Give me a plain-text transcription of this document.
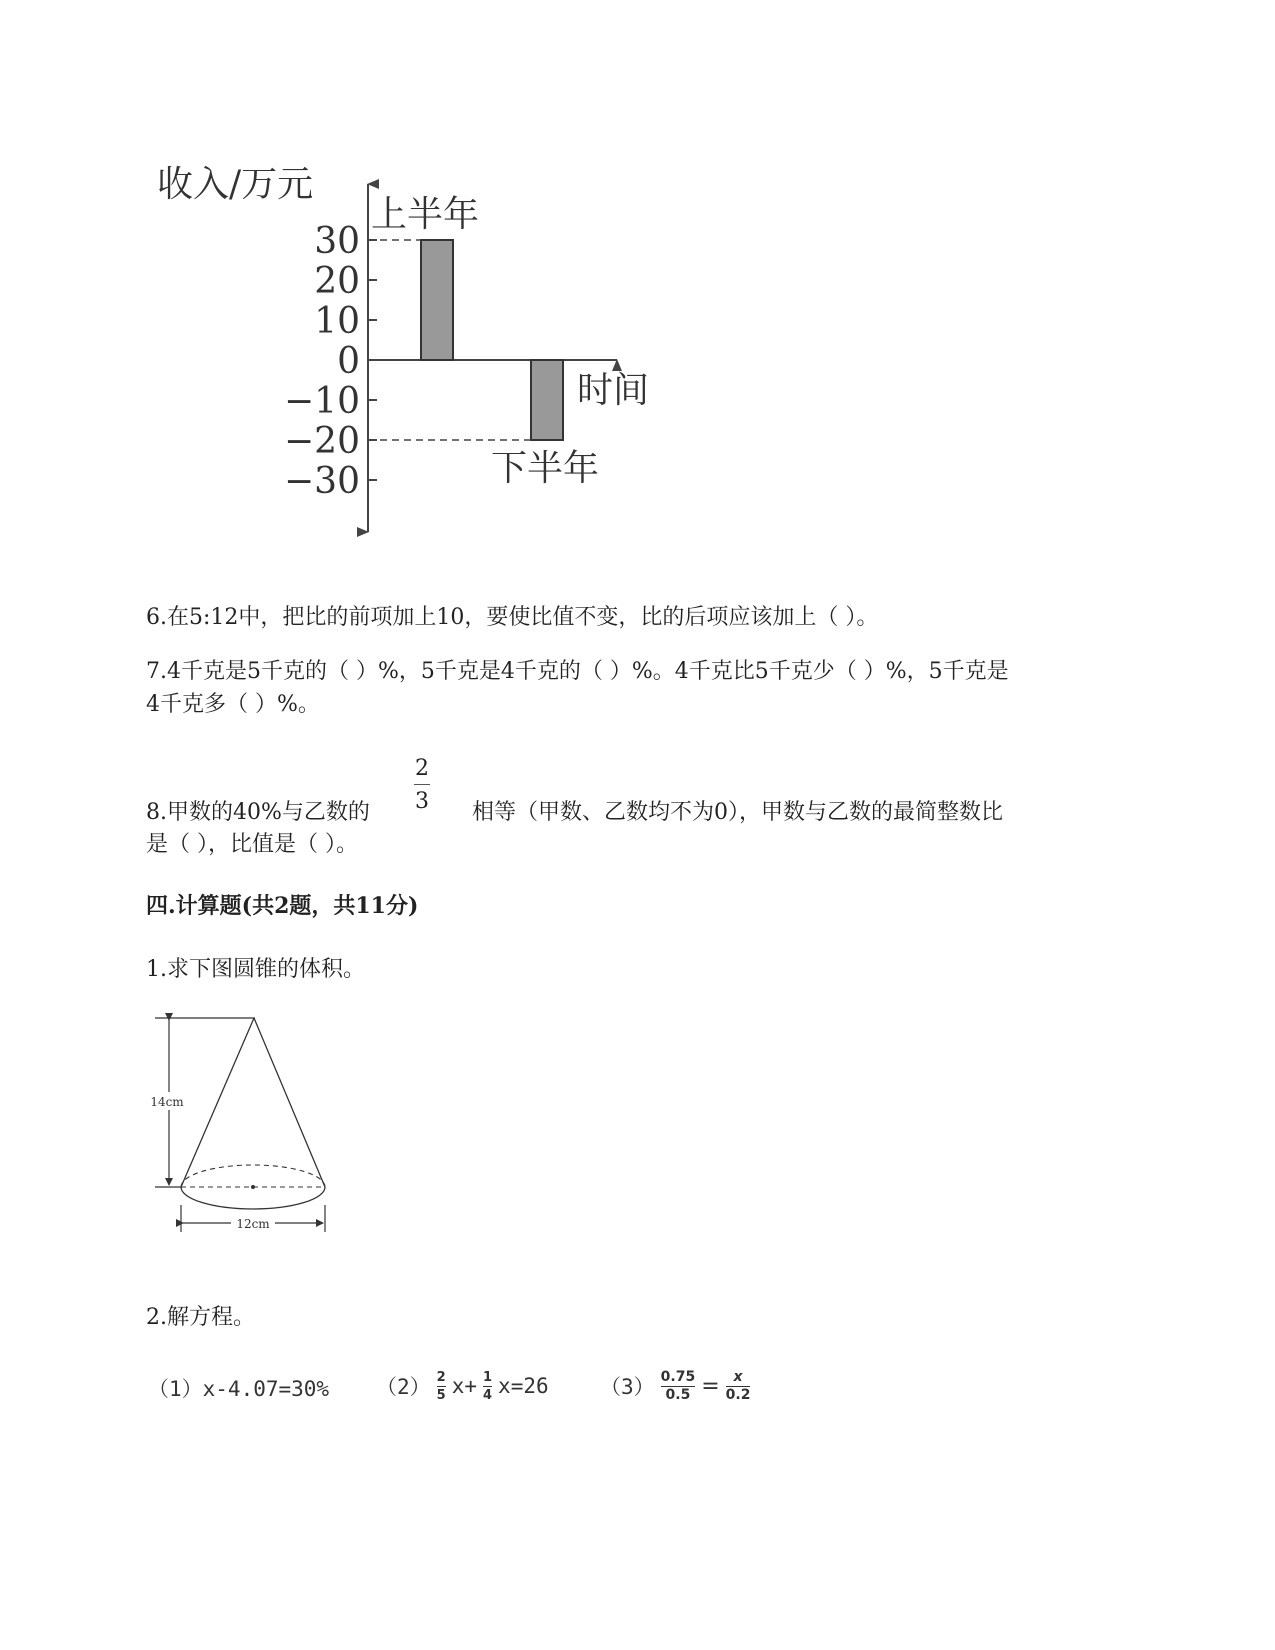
30
20
10
0
−10
−20
−30
收入/万元
时间
上半年
下半年
6.在5:12中，把比的前项加上10，要使比值不变，比的后项应该加上（ ）。
7.4千克是5千克的（ ）%，5千克是4千克的（ ）%。4千克比5千克少（ ）%，5千克是
4千克多（ ）%。
2
3
8.甲数的40%与乙数的	相等（甲数、乙数均不为0），甲数与乙数的最简整数比
是（ ），比值是（ ）。
四.计算题(共2题，共11分)
1.求下图圆锥的体积。
14cm
12cm
2.解方程。
（1）x-4.07=30% （2） 2
5 x+ 1
4 x=26 （3） 0.75
0.5 = x
0.2
